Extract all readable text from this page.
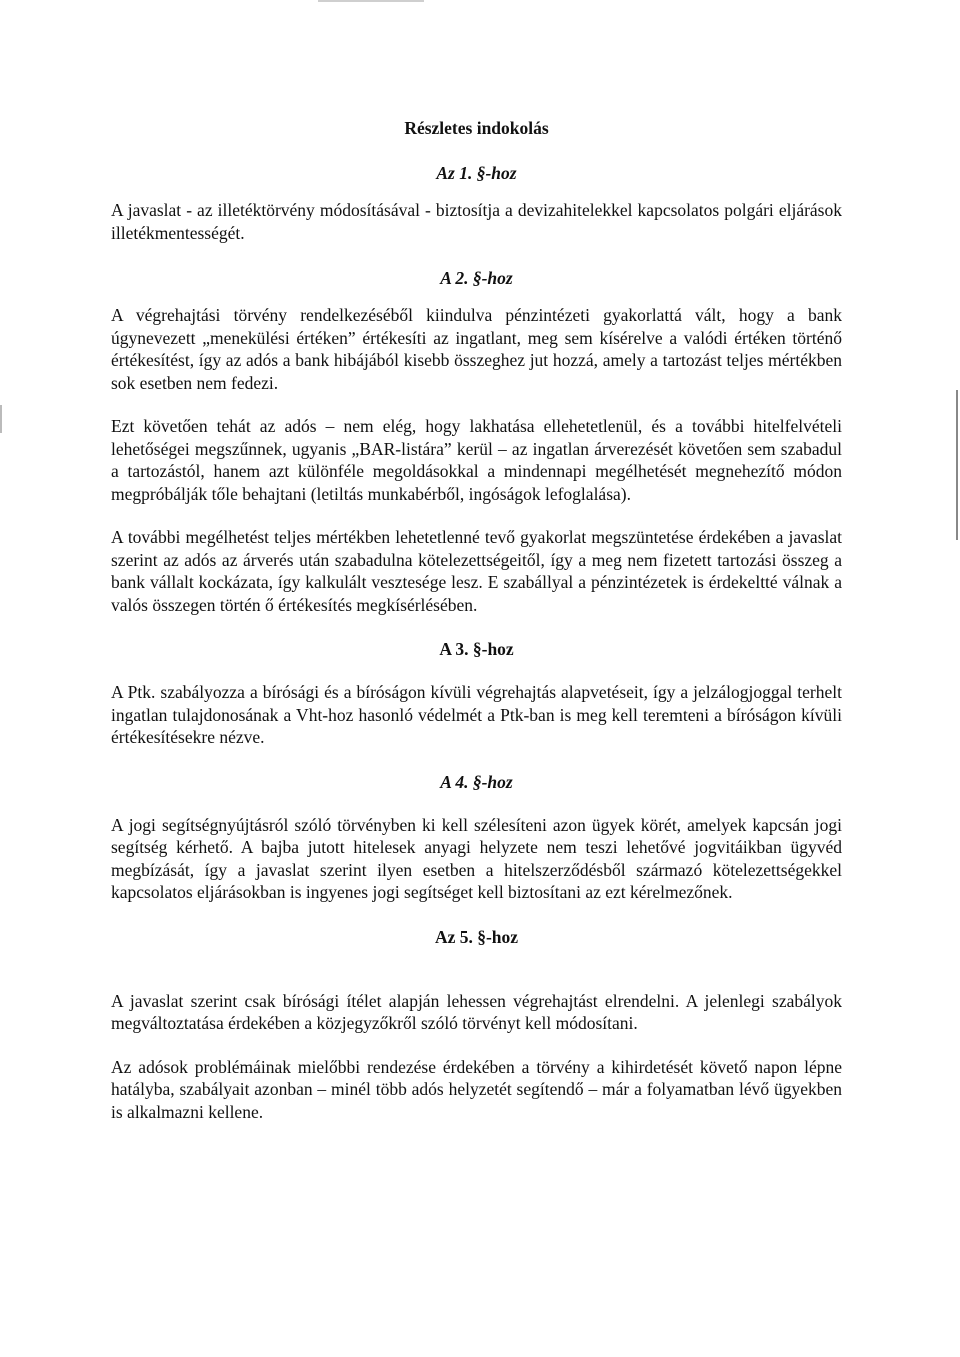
Részletes indokolás
Az 1. §-hoz

A javaslat - az illetéktörvény módosításával - biztosítja a devizahitelekkel kapcsolatos polgári eljárások illetékmentességét.

A 2. §-hoz

A végrehajtási törvény rendelkezéséből kiindulva pénzintézeti gyakorlattá vált, hogy a bank úgynevezett „menekülési értéken” értékesíti az ingatlant, meg sem kísérelve a valódi értéken történő értékesítést, így az adós a bank hibájából kisebb összeghez jut hozzá, amely a tartozást teljes mértékben sok esetben nem fedezi.

Ezt követően tehát az adós – nem elég, hogy lakhatása ellehetetlenül, és a további hitelfelvételi lehetőségei megszűnnek, ugyanis „BAR-listára” kerül – az ingatlan árverezését követően sem szabadul a tartozástól, hanem azt különféle megoldásokkal a mindennapi megélhetését megnehezítő módon megpróbálják tőle behajtani (letiltás munkabérből, ingóságok lefoglalása).

A további megélhetést teljes mértékben lehetetlenné tevő gyakorlat megszüntetése érdekében a javaslat szerint az adós az árverés után szabadulna kötelezettségeitől, így a meg nem fizetett tartozási összeg a bank vállalt kockázata, így kalkulált vesztesége lesz. E szabállyal a pénzintézetek is érdekeltté válnak a valós összegen történ ő értékesítés megkísérlésében.

A 3. §-hoz

A Ptk. szabályozza a bírósági és a bíróságon kívüli végrehajtás alapvetéseit, így a jelzálogjoggal terhelt ingatlan tulajdonosának a Vht-hoz hasonló védelmét a Ptk-ban is meg kell teremteni a bíróságon kívüli értékesítésekre nézve.

A 4. §-hoz

A jogi segítségnyújtásról szóló törvényben ki kell szélesíteni azon ügyek körét, amelyek kapcsán jogi segítség kérhető. A bajba jutott hitelesek anyagi helyzete nem teszi lehetővé jogvitáikban ügyvéd megbízását, így a javaslat szerint ilyen esetben a hitelszerződésből származó kötelezettségekkel kapcsolatos eljárásokban is ingyenes jogi segítséget kell biztosítani az ezt kérelmezőnek.

Az 5. §-hoz

A javaslat szerint csak bírósági ítélet alapján lehessen végrehajtást elrendelni. A jelenlegi szabályok megváltoztatása érdekében a közjegyzőkről szóló törvényt kell módosítani.

Az adósok problémáinak mielőbbi rendezése érdekében a törvény a kihirdetését követő napon lépne hatályba, szabályait azonban – minél több adós helyzetét segítendő – már a folyamatban lévő ügyekben is alkalmazni kellene.
